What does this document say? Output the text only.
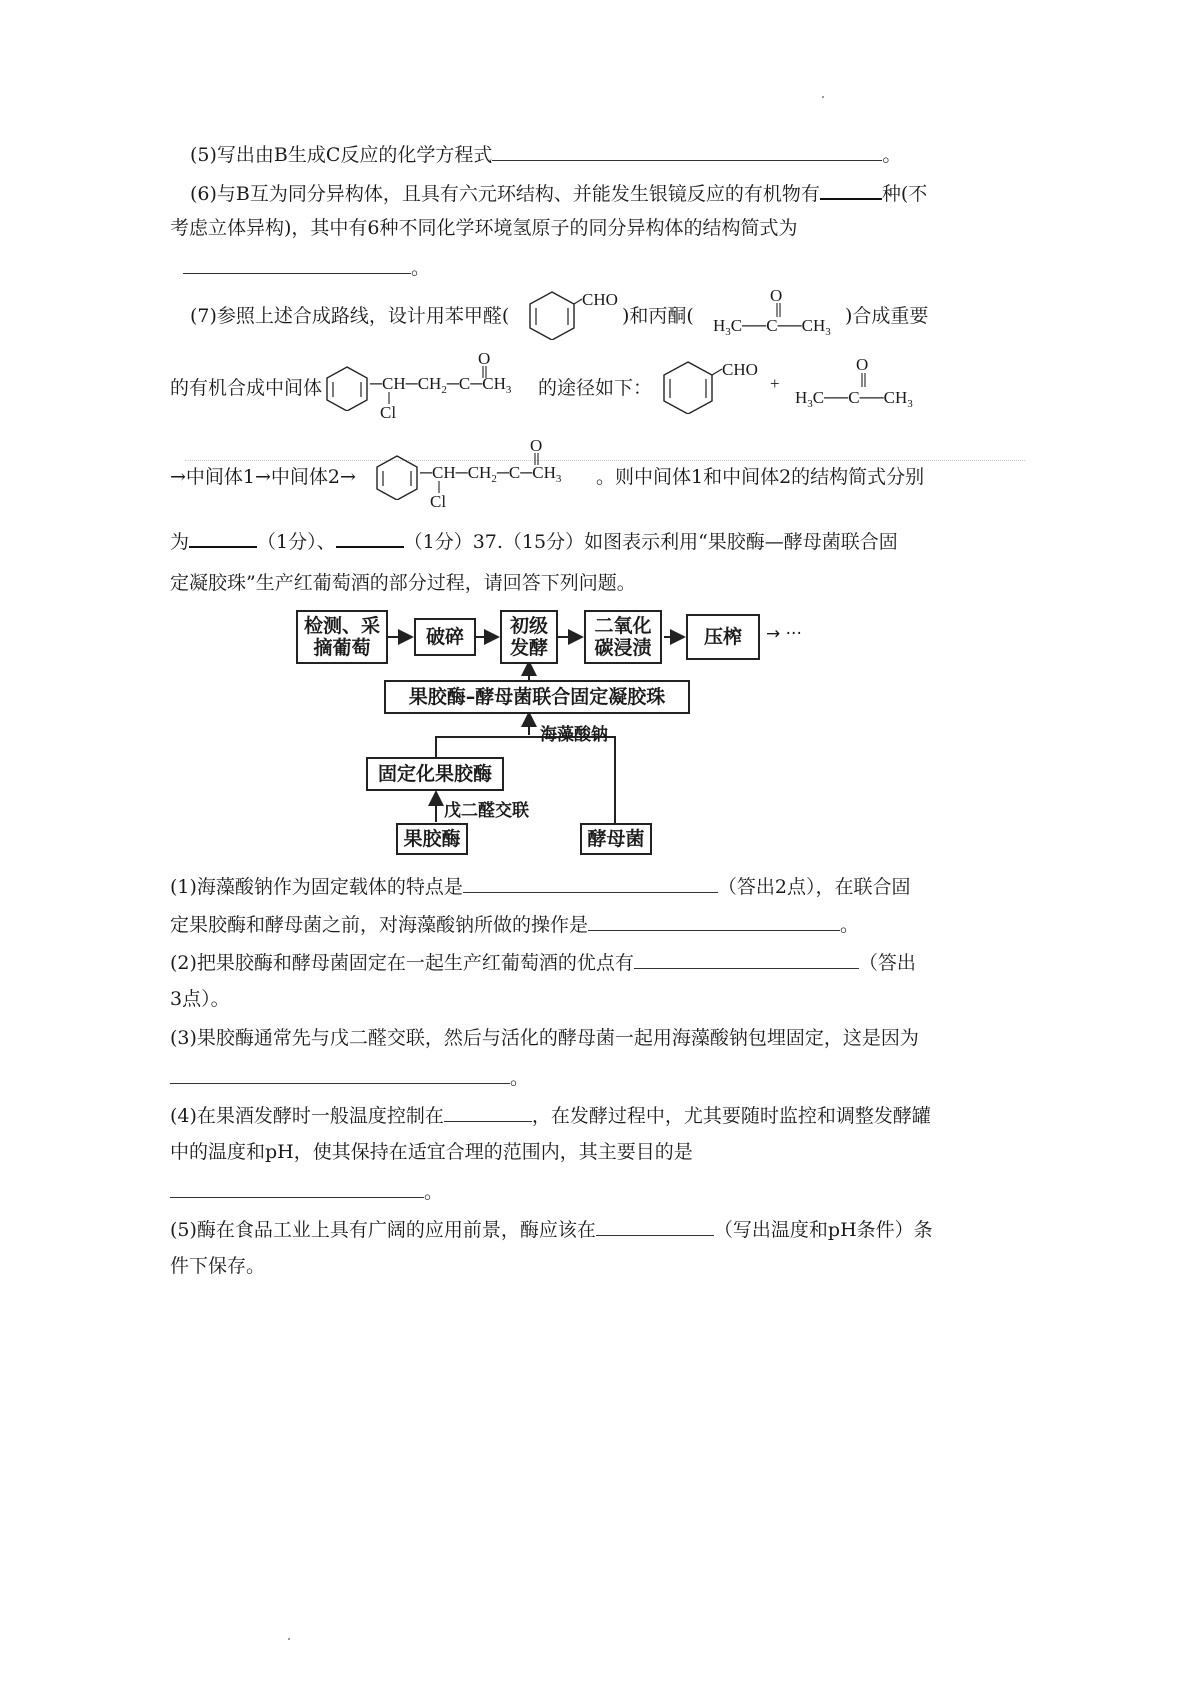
(5)写出由B生成C反应的化学方程式	。
(6)与B互为同分异构体，且具有六元环结构、并能发生银镜反应的有机物有	种(不
考虑立体异构)，其中有6种不同化学环境氢原子的同分异构体的结构简式为
。
(7)参照上述合成路线，设计用苯甲醛(
CHO
)和丙酮(
O
$H_3C──C──CH_3$
)合成重要
的有机合成中间体	$─CH─CH_2─C─CH_3$
O
Cl
的途径如下：
CHO
+
O
$H_3C──C──CH_3$
→中间体1→中间体2→	$─CH─CH_2─C─CH_3$
O
Cl
。则中间体1和中间体2的结构简式分别
为	（1分）、	（1分）37.（15分）如图表示利用“果胶酶—酵母菌联合固
定凝胶珠”生产红葡萄酒的部分过程，请回答下列问题。
检测、采
摘葡萄	破碎 初级
发酵
二氧化
碳浸渍	压榨 → ···
果胶酶–酵母菌联合固定凝胶珠
海藻酸钠
固定化果胶酶
戊二醛交联
果胶酶	酵母菌
(1)海藻酸钠作为固定载体的特点是	（答出2点），在联合固
定果胶酶和酵母菌之前，对海藻酸钠所做的操作是	。
(2)把果胶酶和酵母菌固定在一起生产红葡萄酒的优点有	（答出
3点）。
(3)果胶酶通常先与戊二醛交联，然后与活化的酵母菌一起用海藻酸钠包埋固定，这是因为
。
(4)在果酒发酵时一般温度控制在	，在发酵过程中，尤其要随时监控和调整发酵罐
中的温度和pH，使其保持在适宜合理的范围内，其主要目的是
。
(5)酶在食品工业上具有广阔的应用前景，酶应该在	（写出温度和pH条件）条
件下保存。
